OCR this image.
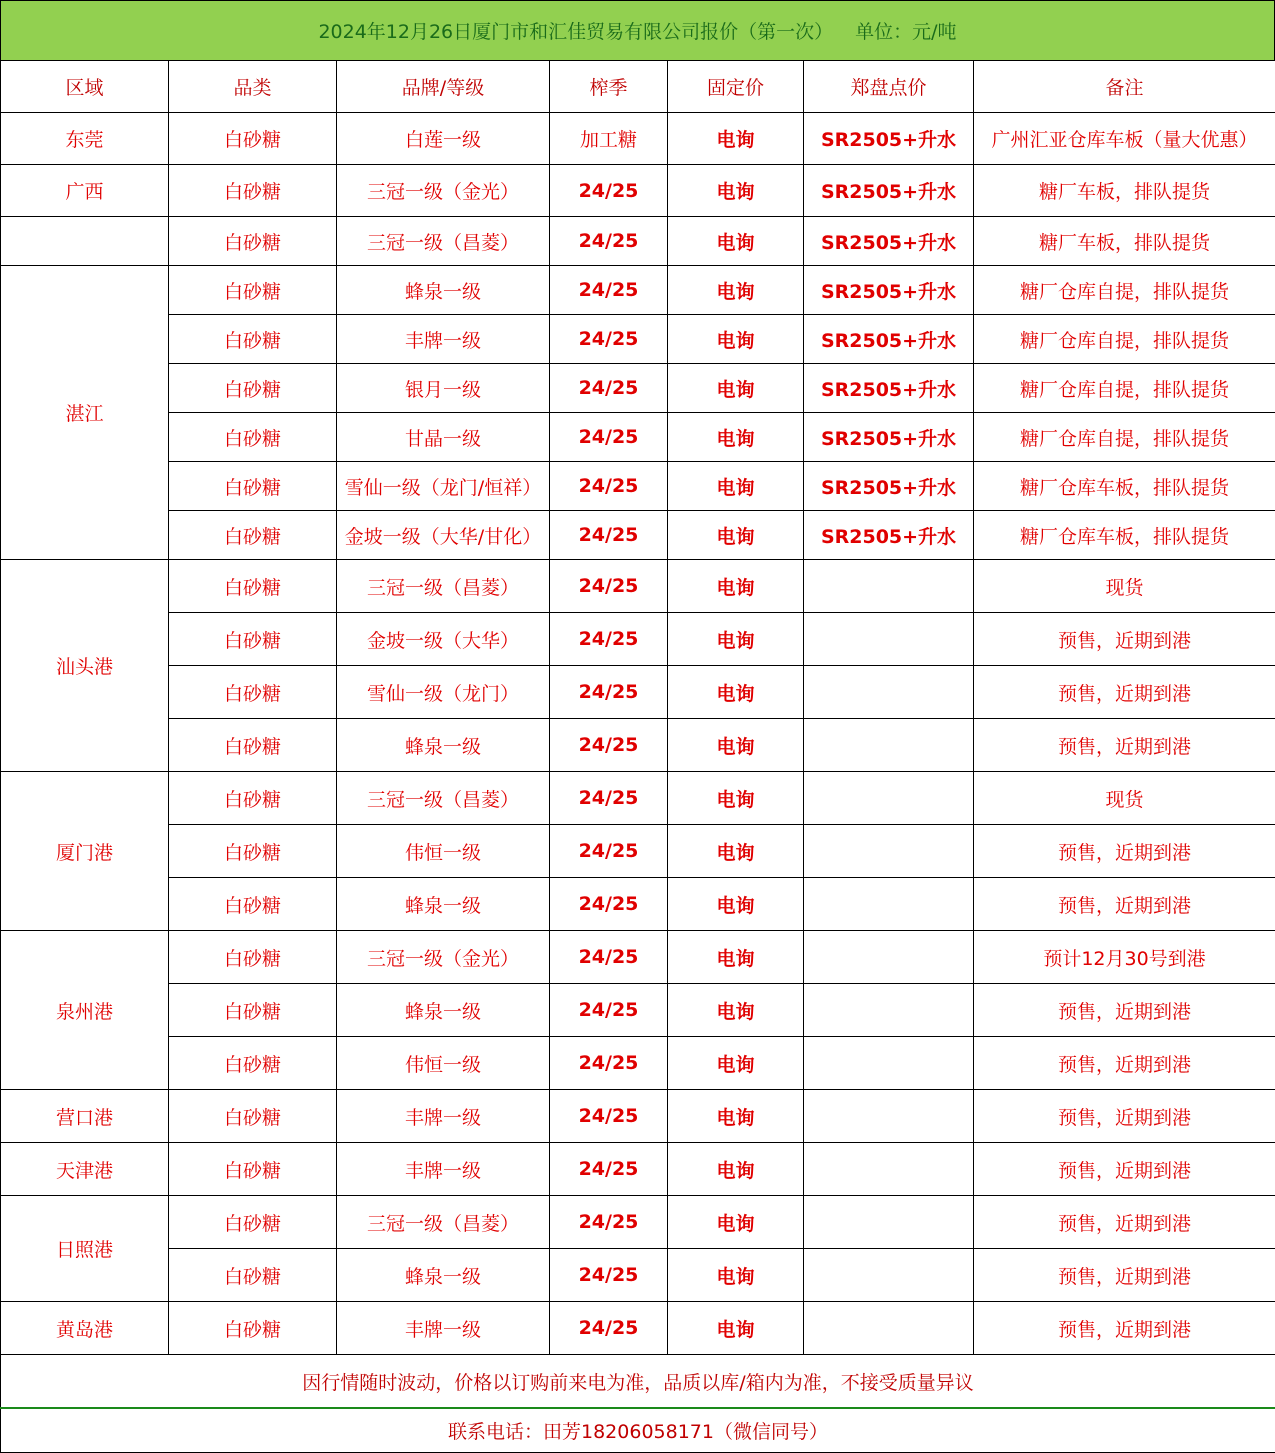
2024年12月26日厦门市和汇佳贸易有限公司报价（第一次） 单位：元/吨
区域	品类	品牌/等级	榨季	固定价	郑盘点价	备注
东莞	白砂糖	白莲一级	加工糖	电询	SR2505+升水	广州汇亚仓库车板（量大优惠）
广西	白砂糖	三冠一级（金光）	24/25	电询	SR2505+升水	糖厂车板，排队提货
	白砂糖	三冠一级（昌菱）	24/25	电询	SR2505+升水	糖厂车板，排队提货
湛江	白砂糖	蜂泉一级	24/25	电询	SR2505+升水	糖厂仓库自提，排队提货
	白砂糖	丰牌一级	24/25	电询	SR2505+升水	糖厂仓库自提，排队提货
	白砂糖	银月一级	24/25	电询	SR2505+升水	糖厂仓库自提，排队提货
	白砂糖	甘晶一级	24/25	电询	SR2505+升水	糖厂仓库自提，排队提货
	白砂糖	雪仙一级（龙门/恒祥）	24/25	电询	SR2505+升水	糖厂仓库车板，排队提货
	白砂糖	金坡一级（大华/甘化）	24/25	电询	SR2505+升水	糖厂仓库车板，排队提货
汕头港	白砂糖	三冠一级（昌菱）	24/25	电询		现货
	白砂糖	金坡一级（大华）	24/25	电询		预售，近期到港
	白砂糖	雪仙一级（龙门）	24/25	电询		预售，近期到港
	白砂糖	蜂泉一级	24/25	电询		预售，近期到港
厦门港	白砂糖	三冠一级（昌菱）	24/25	电询		现货
	白砂糖	伟恒一级	24/25	电询		预售，近期到港
	白砂糖	蜂泉一级	24/25	电询		预售，近期到港
泉州港	白砂糖	三冠一级（金光）	24/25	电询		预计12月30号到港
	白砂糖	蜂泉一级	24/25	电询		预售，近期到港
	白砂糖	伟恒一级	24/25	电询		预售，近期到港
营口港	白砂糖	丰牌一级	24/25	电询		预售，近期到港
天津港	白砂糖	丰牌一级	24/25	电询		预售，近期到港
日照港	白砂糖	三冠一级（昌菱）	24/25	电询		预售，近期到港
	白砂糖	蜂泉一级	24/25	电询		预售，近期到港
黄岛港	白砂糖	丰牌一级	24/25	电询		预售，近期到港
因行情随时波动，价格以订购前来电为准，品质以库/箱内为准，不接受质量异议						
联系电话：田芳18206058171（微信同号）						
